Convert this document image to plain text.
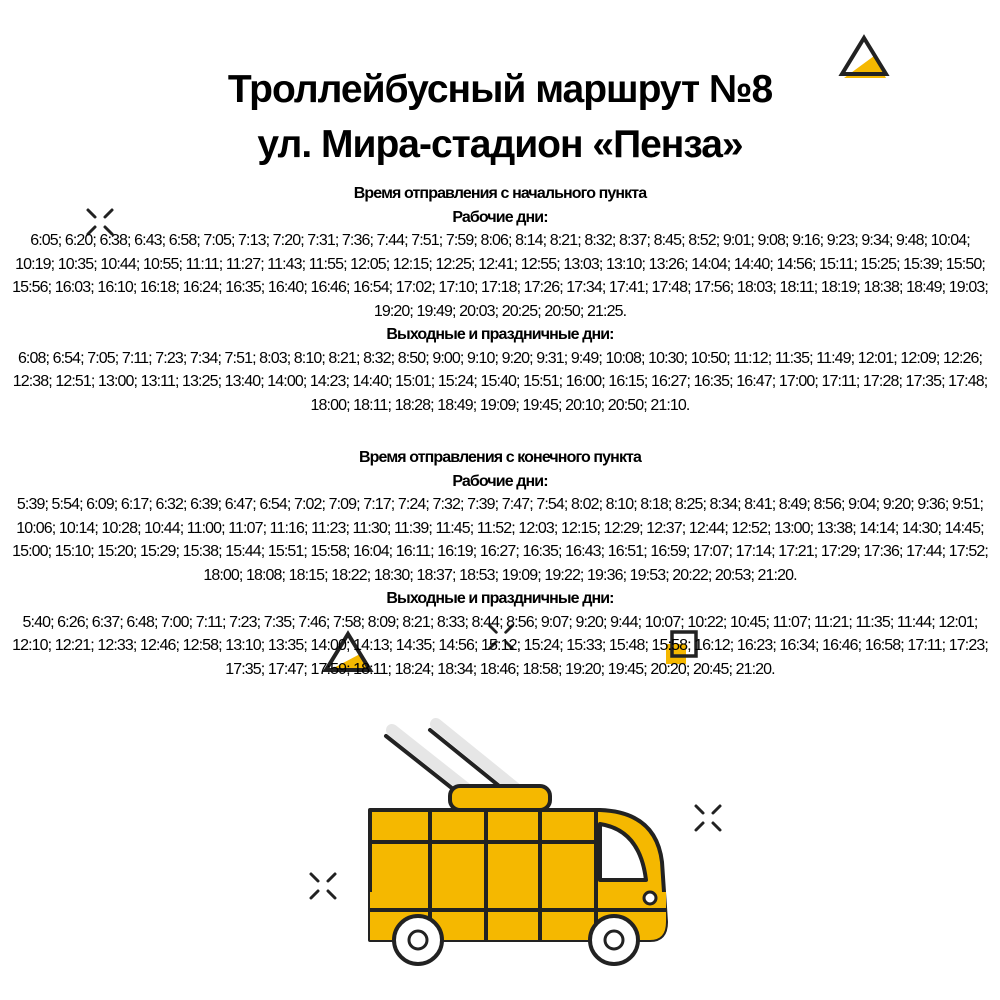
Троллейбусный маршрут №8
ул. Мира-стадион «Пенза»
Время отправления с начального пункта
Рабочие дни:
6:05; 6:20; 6:38; 6:43; 6:58; 7:05; 7:13; 7:20; 7:31; 7:36; 7:44; 7:51; 7:59; 8:06; 8:14; 8:21; 8:32; 8:37; 8:45; 8:52; 9:01; 9:08; 9:16; 9:23; 9:34; 9:48; 10:04; 10:19; 10:35; 10:44; 10:55; 11:11; 11:27; 11:43; 11:55; 12:05; 12:15; 12:25; 12:41; 12:55; 13:03; 13:10; 13:26; 14:04; 14:40; 14:56; 15:11; 15:25; 15:39; 15:50; 15:56; 16:03; 16:10; 16:18; 16:24; 16:35; 16:40; 16:46; 16:54; 17:02; 17:10; 17:18; 17:26; 17:34; 17:41; 17:48; 17:56; 18:03; 18:11; 18:19; 18:38; 18:49; 19:03; 19:20; 19:49; 20:03; 20:25; 20:50; 21:25.
Выходные и праздничные дни:
6:08; 6:54; 7:05; 7:11; 7:23; 7:34; 7:51; 8:03; 8:10; 8:21; 8:32; 8:50; 9:00; 9:10; 9:20; 9:31; 9:49; 10:08; 10:30; 10:50; 11:12; 11:35; 11:49; 12:01; 12:09; 12:26; 12:38; 12:51; 13:00; 13:11; 13:25; 13:40; 14:00; 14:23; 14:40; 15:01; 15:24; 15:40; 15:51; 16:00; 16:15; 16:27; 16:35; 16:47; 17:00; 17:11; 17:28; 17:35; 17:48; 18:00; 18:11; 18:28; 18:49; 19:09; 19:45; 20:10; 20:50; 21:10.
Время отправления с конечного пункта
Рабочие дни:
5:39; 5:54; 6:09; 6:17; 6:32; 6:39; 6:47; 6:54; 7:02; 7:09; 7:17; 7:24; 7:32; 7:39; 7:47; 7:54; 8:02; 8:10; 8:18; 8:25; 8:34; 8:41; 8:49; 8:56; 9:04; 9:20; 9:36; 9:51; 10:06; 10:14; 10:28; 10:44; 11:00; 11:07; 11:16; 11:23; 11:30; 11:39; 11:45; 11:52; 12:03; 12:15; 12:29; 12:37; 12:44; 12:52; 13:00; 13:38; 14:14; 14:30; 14:45; 15:00; 15:10; 15:20; 15:29; 15:38; 15:44; 15:51; 15:58; 16:04; 16:11; 16:19; 16:27; 16:35; 16:43; 16:51; 16:59; 17:07; 17:14; 17:21; 17:29; 17:36; 17:44; 17:52; 18:00; 18:08; 18:15; 18:22; 18:30; 18:37; 18:53; 19:09; 19:22; 19:36; 19:53; 20:22; 20:53; 21:20.
Выходные и праздничные дни:
5:40; 6:26; 6:37; 6:48; 7:00; 7:11; 7:23; 7:35; 7:46; 7:58; 8:09; 8:21; 8:33; 8:44; 8:56; 9:07; 9:20; 9:44; 10:07; 10:22; 10:45; 11:07; 11:21; 11:35; 11:44; 12:01; 12:10; 12:21; 12:33; 12:46; 12:58; 13:10; 13:35; 14:00; 14:13; 14:35; 14:56; 15:12; 15:24; 15:33; 15:48; 15:58; 16:12; 16:23; 16:34; 16:46; 16:58; 17:11; 17:23; 17:35; 17:47; 17:59; 18:11; 18:24; 18:34; 18:46; 18:58; 19:20; 19:45; 20:20; 20:45; 21:20.
